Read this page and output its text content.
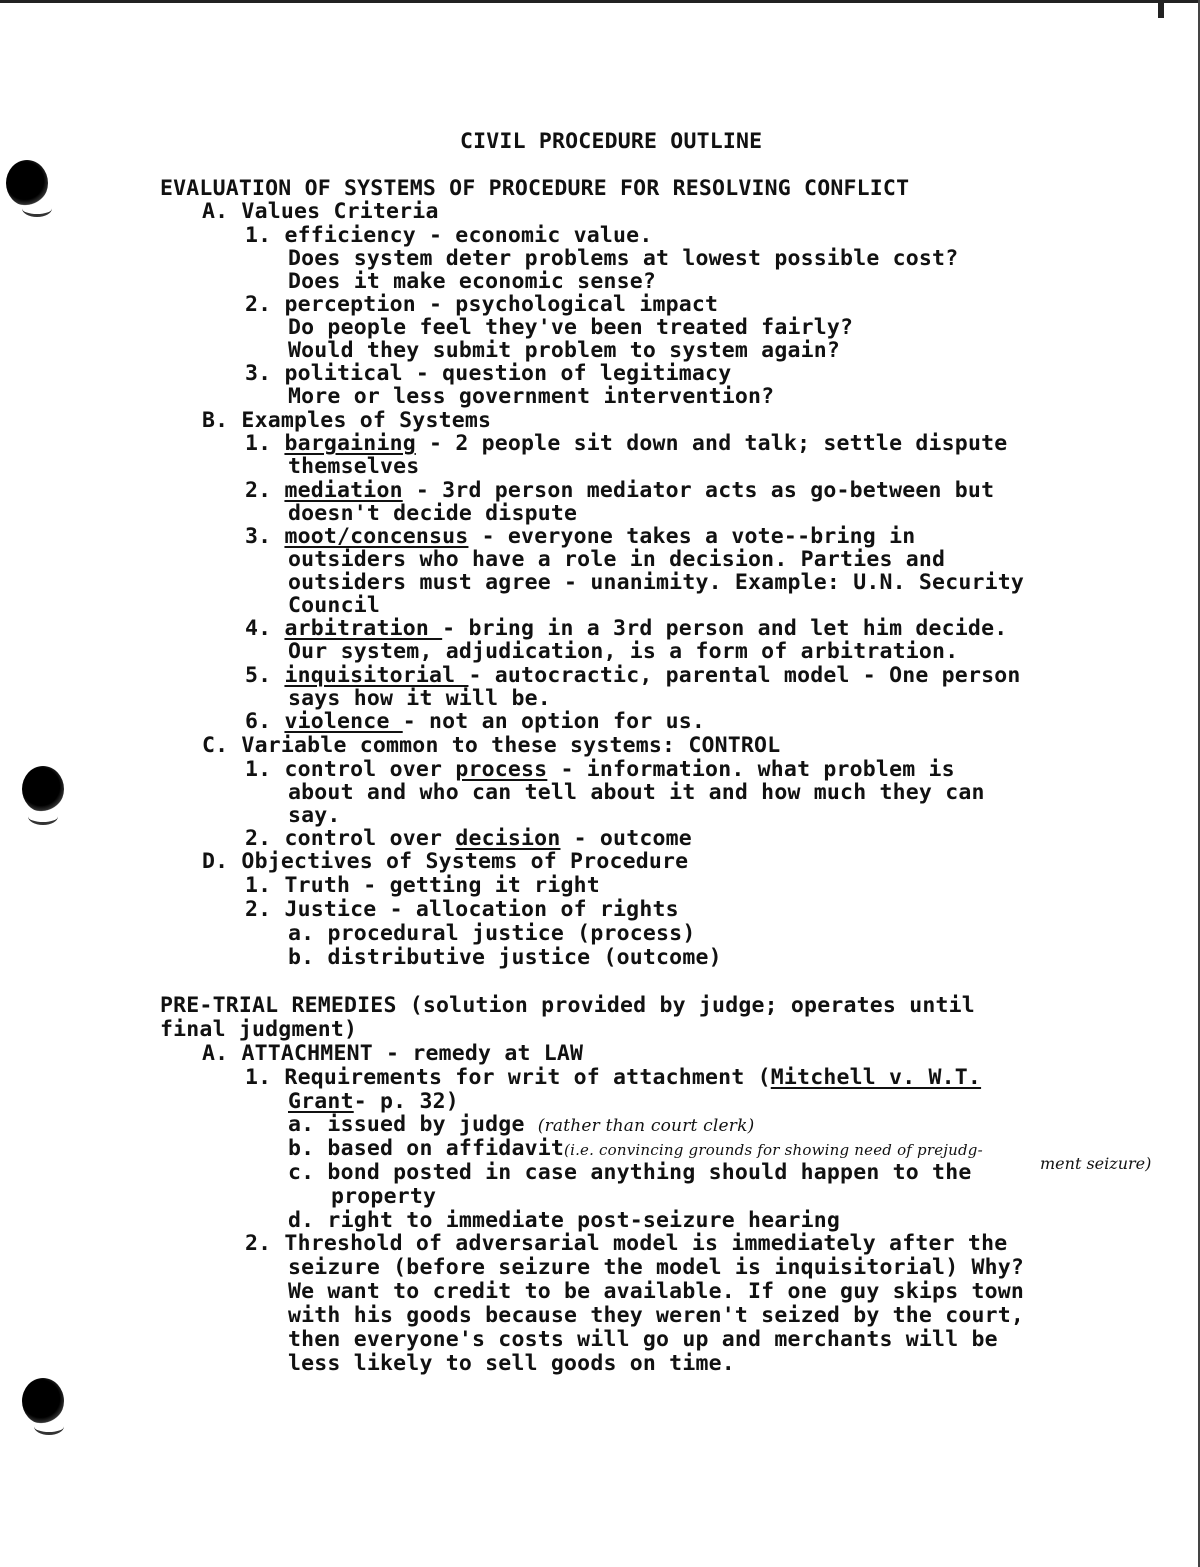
CIVIL PROCEDURE OUTLINE
EVALUATION OF SYSTEMS OF PROCEDURE FOR RESOLVING CONFLICT
A. Values Criteria
1. efficiency - economic value.
Does system deter problems at lowest possible cost?
Does it make economic sense?
2. perception - psychological impact
Do people feel they've been treated fairly?
Would they submit problem to system again?
3. political - question of legitimacy
More or less government intervention?
B. Examples of Systems
1. bargaining - 2 people sit down and talk; settle dispute
themselves
2. mediation - 3rd person mediator acts as go-between but
doesn't decide dispute
3. moot/concensus - everyone takes a vote--bring in
outsiders who have a role in decision. Parties and
outsiders must agree - unanimity. Example: U.N. Security
Council
4. arbitration - bring in a 3rd person and let him decide.
Our system, adjudication, is a form of arbitration.
5. inquisitorial - autocractic, parental model - One person
says how it will be.
6. violence - not an option for us.
C. Variable common to these systems: CONTROL
1. control over process - information. what problem is
about and who can tell about it and how much they can
say.
2. control over decision - outcome
D. Objectives of Systems of Procedure
1. Truth - getting it right
2. Justice - allocation of rights
a. procedural justice (process)
b. distributive justice (outcome)
PRE-TRIAL REMEDIES (solution provided by judge; operates until
final judgment)
A. ATTACHMENT - remedy at LAW
1. Requirements for writ of attachment (Mitchell v. W.T.
Grant- p. 32)
a. issued by judge (rather than court clerk)
b. based on affidavit(i.e. convincing grounds for showing need of prejudg-
ment seizure)
c. bond posted in case anything should happen to the
property
d. right to immediate post-seizure hearing
2. Threshold of adversarial model is immediately after the
seizure (before seizure the model is inquisitorial) Why?
We want to credit to be available. If one guy skips town
with his goods because they weren't seized by the court,
then everyone's costs will go up and merchants will be
less likely to sell goods on time.
